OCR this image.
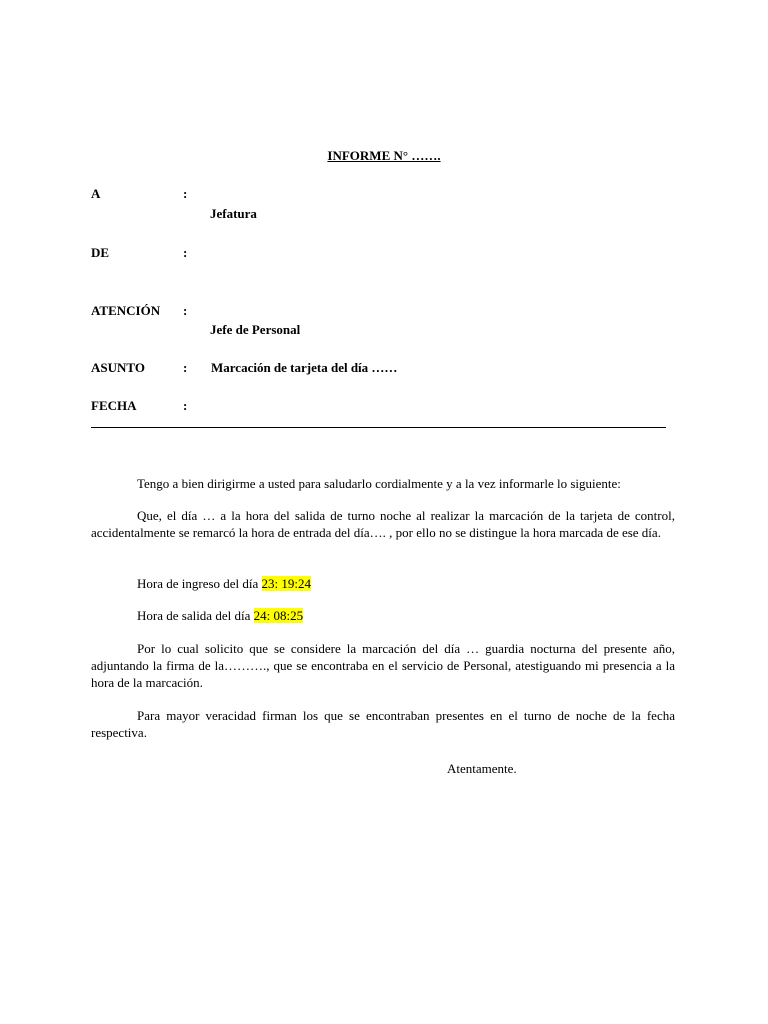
INFORME N° …….
A	:
Jefatura
DE	:
ATENCIÓN :
Jefe de Personal
ASUNTO	: Marcación de tarjeta del día ……
FECHA	:

Tengo a bien dirigirme a usted para saludarlo cordialmente y a la vez informarle lo siguiente:

Que, el día … a la hora del salida de turno noche al realizar la marcación de la tarjeta de control, accidentalmente se remarcó la hora de entrada del día…. , por ello no se distingue la hora marcada de ese día.

Hora de ingreso del día 23: 19:24

Hora de salida del día 24: 08:25

Por lo cual solicito que se considere la marcación del día … guardia nocturna del presente año, adjuntando la firma de la………., que se encontraba en el servicio de Personal, atestiguando mi presencia a la hora de la marcación.

Para mayor veracidad firman los que se encontraban presentes en el turno de noche de la fecha respectiva.

Atentamente.
